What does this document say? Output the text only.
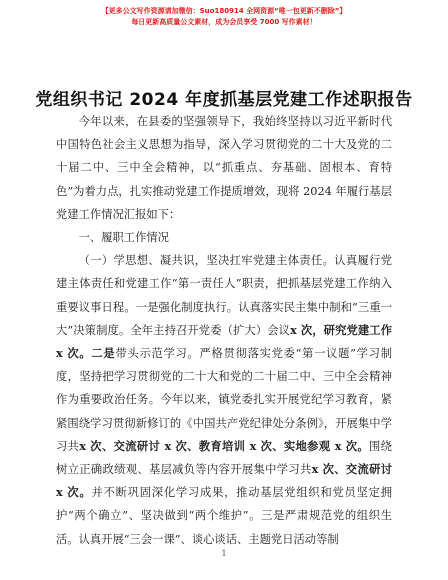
【更多公文写作资源请加微信：Suo180914 全网资源“唯一包更新不删除”】
每日更新高质量公文素材，成为会员享受 7000 写作素材！
党组织书记 2024 年度抓基层党建工作述职报告

今年以来，在县委的坚强领导下，我始终坚持以习近平新时代中国特色社会主义思想为指导，深入学习贯彻党的二十大及党的二十届二中、三中全会精神，以“抓重点、夯基础、固根本、育特色”为着力点，扎实推动党建工作提质增效，现将 2024 年履行基层党建工作情况汇报如下：

一、履职工作情况

（一）学思想、凝共识，坚决扛牢党建主体责任。认真履行党建主体责任和党建工作“第一责任人”职责，把抓基层党建工作纳入重要议事日程。一是强化制度执行。认真落实民主集中制和“三重一大”决策制度。全年主持召开党委（扩大）会议x 次，研究党建工作 x 次。二是带头示范学习。严格贯彻落实党委“第一议题”学习制度，坚持把学习贯彻党的二十大和党的二十届二中、三中全会精神作为重要政治任务。今年以来，镇党委扎实开展党纪学习教育，紧紧围绕学习贯彻新修订的《中国共产党纪律处分条例》，开展集中学习共x 次、交流研讨 x 次、教育培训 x 次、实地参观 x 次。围绕树立正确政绩观、基层减负等内容开展集中学习共x 次、交流研讨 x 次。并不断巩固深化学习成果，推动基层党组织和党员坚定拥护“两个确立”、坚决做到“两个维护”。三是严肃规范党的组织生活。认真开展“三会一课”、谈心谈话、主题党日活动等制

1
